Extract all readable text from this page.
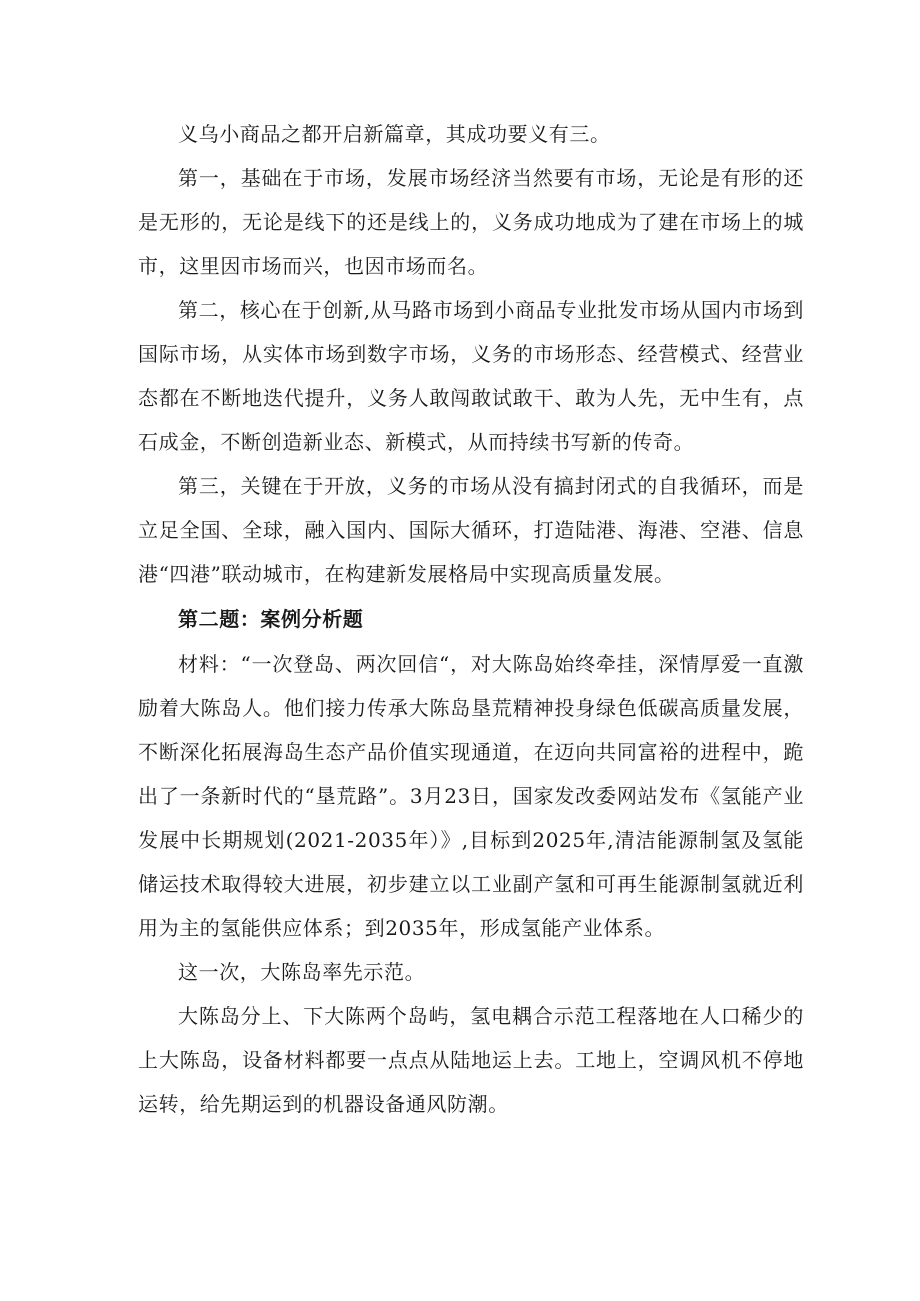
义乌小商品之都开启新篇章，其成功要义有三。

第一，基础在于市场，发展市场经济当然要有市场，无论是有形的还是无形的，无论是线下的还是线上的，义务成功地成为了建在市场上的城市，这里因市场而兴，也因市场而名。

第二，核心在于创新,从马路市场到小商品专业批发市场从国内市场到国际市场，从实体市场到数字市场，义务的市场形态、经营模式、经营业态都在不断地迭代提升，义务人敢闯敢试敢干、敢为人先，无中生有，点石成金，不断创造新业态、新模式，从而持续书写新的传奇。

第三，关键在于开放，义务的市场从没有搞封闭式的自我循环，而是立足全国、全球，融入国内、国际大循环，打造陆港、海港、空港、信息港“四港”联动城市，在构建新发展格局中实现高质量发展。

第二题：案例分析题

材料：“一次登岛、两次回信“，对大陈岛始终牵挂，深情厚爱一直激励着大陈岛人。他们接力传承大陈岛垦荒精神投身绿色低碳高质量发展，不断深化拓展海岛生态产品价值实现通道，在迈向共同富裕的进程中，跪出了一条新时代的“垦荒路”。3月23日，国家发改委网站发布《氢能产业发展中长期规划(2021-2035年）》,目标到2025年,清洁能源制氢及氢能储运技术取得较大进展，初步建立以工业副产氢和可再生能源制氢就近利用为主的氢能供应体系；到2035年，形成氢能产业体系。

这一次，大陈岛率先示范。

大陈岛分上、下大陈两个岛屿，氢电耦合示范工程落地在人口稀少的上大陈岛，设备材料都要一点点从陆地运上去。工地上，空调风机不停地运转，给先期运到的机器设备通风防潮。
